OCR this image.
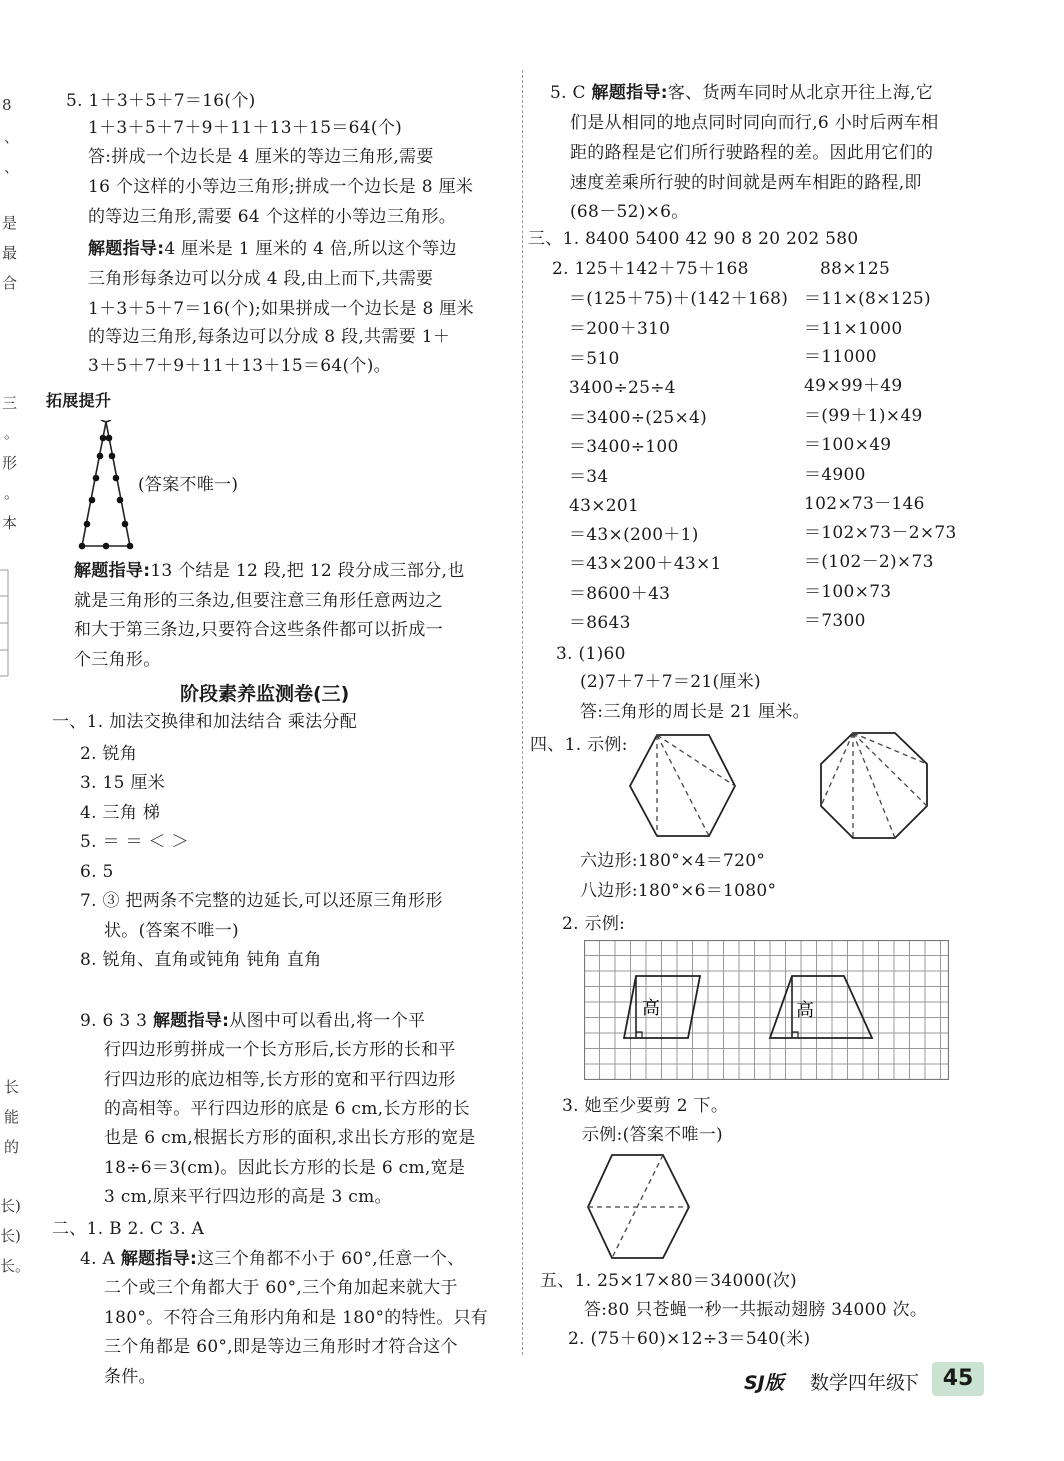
8
、
、
是
最
合
三
。
形
。
本
长
能
的
长)
长)
长。
5. 1＋3＋5＋7＝16(个)
1＋3＋5＋7＋9＋11＋13＋15＝64(个)
答:拼成一个边长是 4 厘米的等边三角形,需要
16 个这样的小等边三角形;拼成一个边长是 8 厘米
的等边三角形,需要 64 个这样的小等边三角形。
解题指导:4 厘米是 1 厘米的 4 倍,所以这个等边
三角形每条边可以分成 4 段,由上而下,共需要
1＋3＋5＋7＝16(个);如果拼成一个边长是 8 厘米
的等边三角形,每条边可以分成 8 段,共需要 1＋
3＋5＋7＋9＋11＋13＋15＝64(个)。
拓展提升
(答案不唯一)
解题指导:13 个结是 12 段,把 12 段分成三部分,也
就是三角形的三条边,但要注意三角形任意两边之
和大于第三条边,只要符合这些条件都可以折成一
个三角形。
阶段素养监测卷(三)
一、1. 加法交换律和加法结合 乘法分配
2. 锐角
3. 15 厘米
4. 三角 梯
5. ＝ ＝ ＜ ＞
6. 5
7. ③ 把两条不完整的边延长,可以还原三角形形
状。(答案不唯一)
8. 锐角、直角或钝角 钝角 直角
9. 6 3 3 解题指导:从图中可以看出,将一个平
行四边形剪拼成一个长方形后,长方形的长和平
行四边形的底边相等,长方形的宽和平行四边形
的高相等。平行四边形的底是 6 cm,长方形的长
也是 6 cm,根据长方形的面积,求出长方形的宽是
18÷6＝3(cm)。因此长方形的长是 6 cm,宽是
3 cm,原来平行四边形的高是 3 cm。
二、1. B 2. C 3. A
4. A 解题指导:这三个角都不小于 60°,任意一个、
二个或三个角都大于 60°,三个角加起来就大于
180°。不符合三角形内角和是 180°的特性。只有
三个角都是 60°,即是等边三角形时才符合这个
条件。
5. C 解题指导:客、货两车同时从北京开往上海,它
们是从相同的地点同时同向而行,6 小时后两车相
距的路程是它们所行驶路程的差。因此用它们的
速度差乘所行驶的时间就是两车相距的路程,即
(68－52)×6。
三、1. 8400 5400 42 90 8 20 202 580
2. 125＋142＋75＋168
＝(125＋75)＋(142＋168)
＝200＋310
＝510
3400÷25÷4
＝3400÷(25×4)
＝3400÷100
＝34
43×201
＝43×(200＋1)
＝43×200＋43×1
＝8600＋43
＝8643
88×125
＝11×(8×125)
＝11×1000
＝11000
49×99＋49
＝(99＋1)×49
＝100×49
＝4900
102×73－146
＝102×73－2×73
＝(102－2)×73
＝100×73
＝7300
3. (1)60
(2)7＋7＋7＝21(厘米)
答:三角形的周长是 21 厘米。
四、1. 示例:
六边形:180°×4＝720°
八边形:180°×6＝1080°
2. 示例:
高	高
3. 她至少要剪 2 下。
示例:(答案不唯一)
五、1. 25×17×80＝34000(次)
答:80 只苍蝇一秒一共振动翅膀 34000 次。
2. (75＋60)×12÷3＝540(米)
SJ版 数学四年级
下	45
